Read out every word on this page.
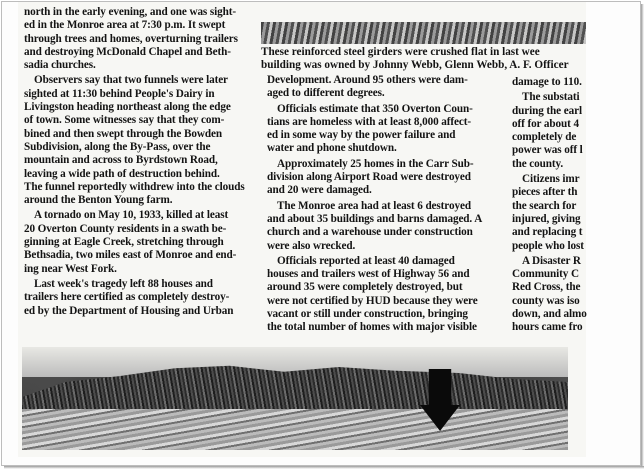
north in the early evening, and one was sight-
ed in the Monroe area at 7:30 p.m. It swept
through trees and homes, overturning trailers
and destroying McDonald Chapel and Beth-
sadia churches.
Observers say that two funnels were later
sighted at 11:30 behind People's Dairy in
Livingston heading northeast along the edge
of town. Some witnesses say that they com-
bined and then swept through the Bowden
Subdivision, along the By-Pass, over the
mountain and across to Byrdstown Road,
leaving a wide path of destruction behind.
The funnel reportedly withdrew into the clouds
around the Benton Young farm.
A tornado on May 10, 1933, killed at least
20 Overton County residents in a swath be-
ginning at Eagle Creek, stretching through
Bethsadia, two miles east of Monroe and end-
ing near West Fork.
Last week's tragedy left 88 houses and
trailers here certified as completely destroy-
ed by the Department of Housing and Urban
These reinforced steel girders were crushed flat in last wee
building was owned by Johnny Webb, Glenn Webb, A. F. Officer
Development. Around 95 others were dam-
aged to different degrees.
Officials estimate that 350 Overton Coun-
tians are homeless with at least 8,000 affect-
ed in some way by the power failure and
water and phone shutdown.
Approximately 25 homes in the Carr Sub-
division along Airport Road were destroyed
and 20 were damaged.
The Monroe area had at least 6 destroyed
and about 35 buildings and barns damaged. A
church and a warehouse under construction
were also wrecked.
Officials reported at least 40 damaged
houses and trailers west of Highway 56 and
around 35 were completely destroyed, but
were not certified by HUD because they were
vacant or still under construction, bringing
the total number of homes with major visible
damage to 110.
The substati
during the earl
off for about 4
completely de
power was off l
the county.
Citizens imr
pieces after th
the search for
injured, giving
and replacing t
people who lost
A Disaster R
Community C
Red Cross, the
county was iso
down, and almo
hours came fro
